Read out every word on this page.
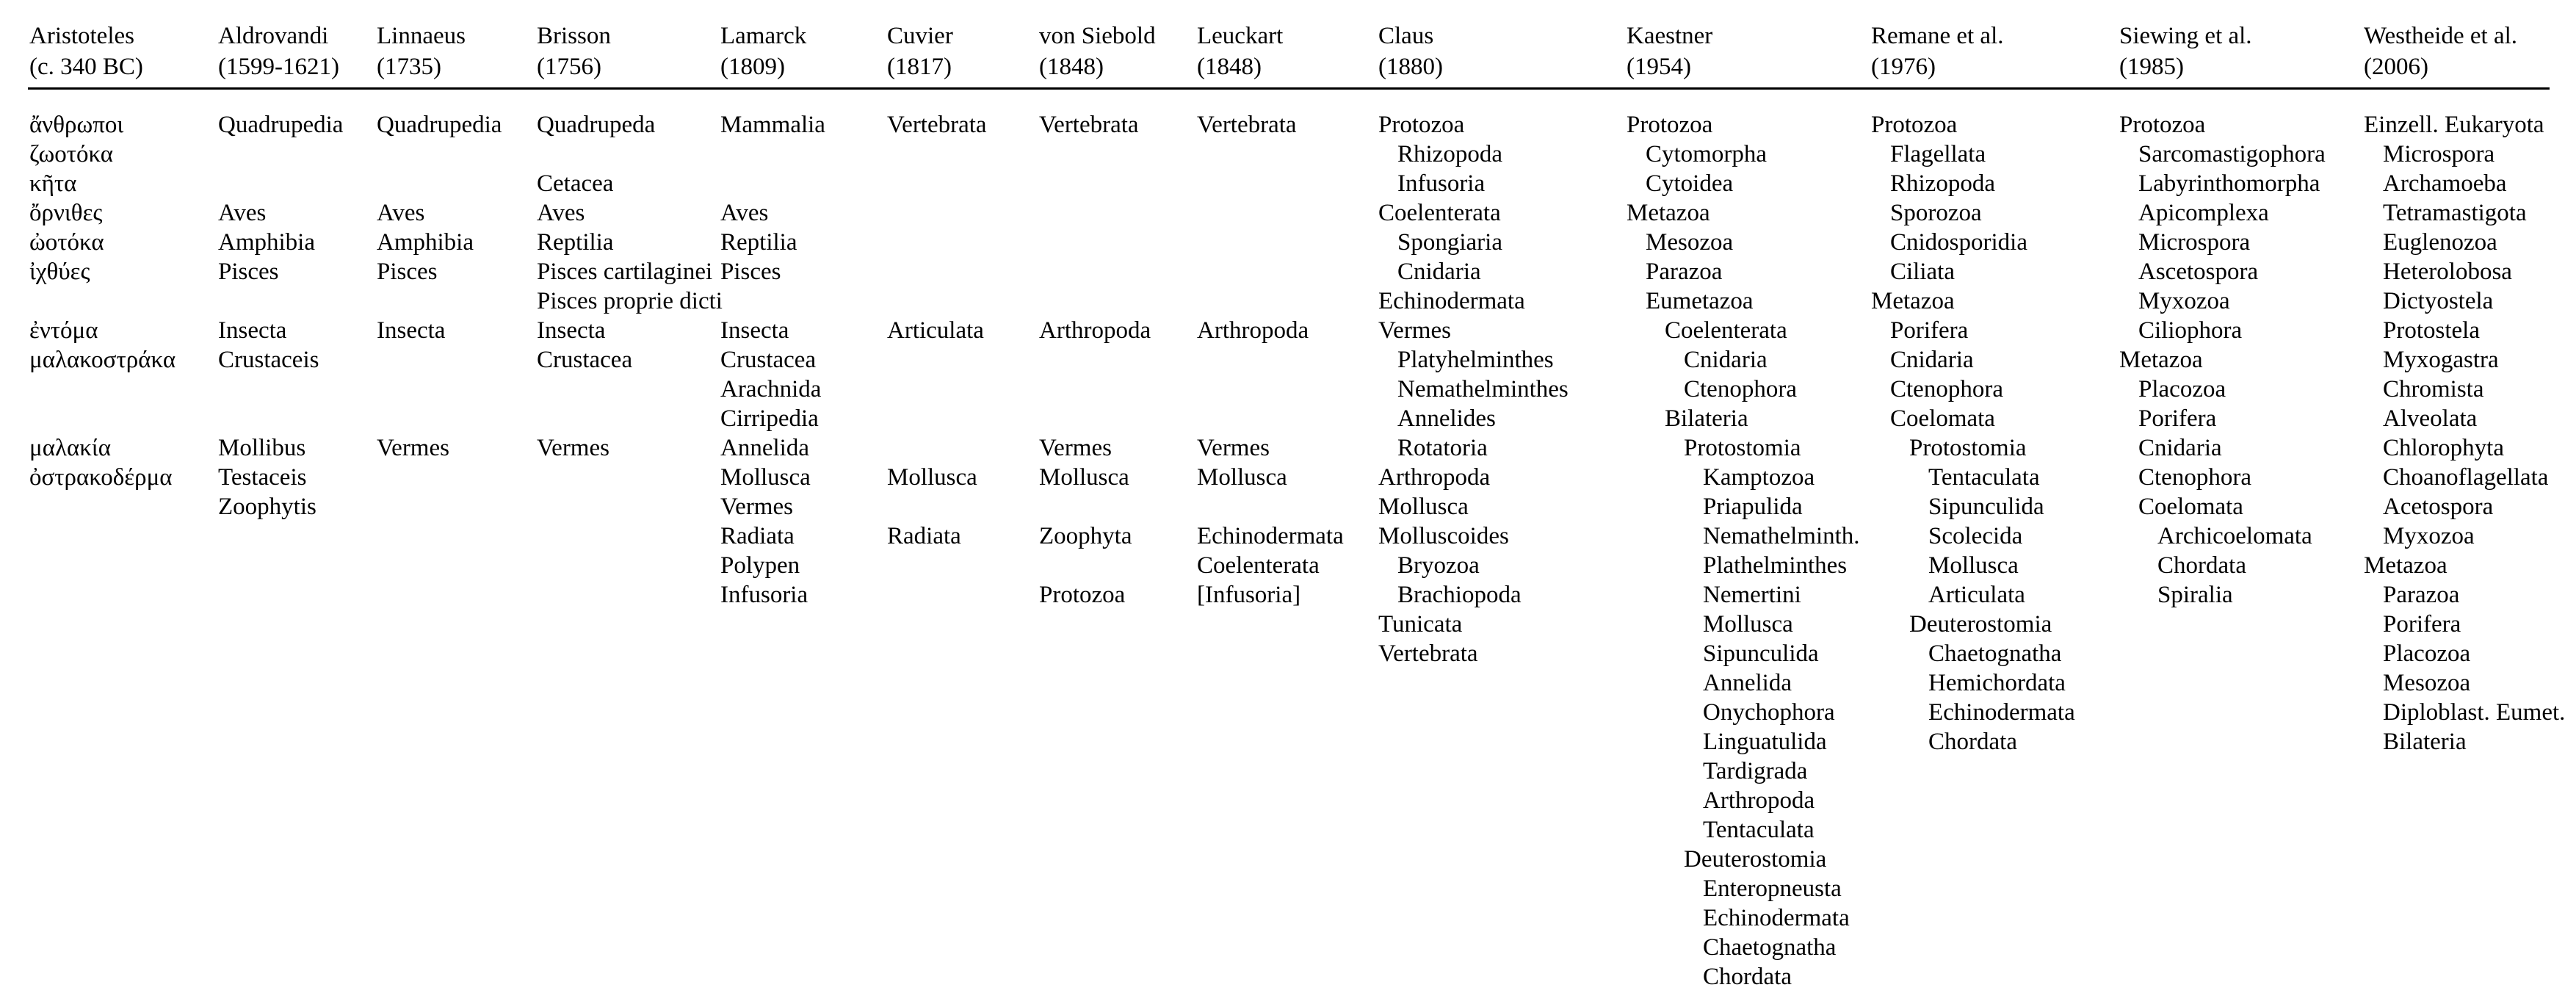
Aristoteles
(c. 340 BC)
ἄνθρωποι
ζωοτόκα
κῆτα
ὄρνιθες
ὠοτόκα
ἰχθύες
ἐντόμα
μαλακοστράκα
μαλακία
ὀστρακοδέρμα
Aldrovandi
(1599-1621)
Quadrupedia
Aves
Amphibia
Pisces
Insecta
Crustaceis
Mollibus
Testaceis
Zoophytis
Linnaeus
(1735)
Quadrupedia
Aves
Amphibia
Pisces
Insecta
Vermes
Brisson
(1756)
Quadrupeda
Cetacea
Aves
Reptilia
Pisces cartilaginei
Pisces proprie dicti
Insecta
Crustacea
Vermes
Lamarck
(1809)
Mammalia
Aves
Reptilia
Pisces
Insecta
Crustacea
Arachnida
Cirripedia
Annelida
Mollusca
Vermes
Radiata
Polypen
Infusoria
Cuvier
(1817)
Vertebrata
Articulata
Mollusca
Radiata
von Siebold
(1848)
Vertebrata
Arthropoda
Vermes
Mollusca
Zoophyta
Protozoa
Leuckart
(1848)
Vertebrata
Arthropoda
Vermes
Mollusca
Echinodermata
Coelenterata
[Infusoria]
Claus
(1880)
Protozoa
Rhizopoda
Infusoria
Coelenterata
Spongiaria
Cnidaria
Echinodermata
Vermes
Platyhelminthes
Nemathelminthes
Annelides
Rotatoria
Arthropoda
Mollusca
Molluscoides
Bryozoa
Brachiopoda
Tunicata
Vertebrata
Kaestner
(1954)
Protozoa
Cytomorpha
Cytoidea
Metazoa
Mesozoa
Parazoa
Eumetazoa
Coelenterata
Cnidaria
Ctenophora
Bilateria
Protostomia
Kamptozoa
Priapulida
Nemathelminth.
Plathelminthes
Nemertini
Mollusca
Sipunculida
Annelida
Onychophora
Linguatulida
Tardigrada
Arthropoda
Tentaculata
Deuterostomia
Enteropneusta
Echinodermata
Chaetognatha
Chordata
Remane et al.
(1976)
Protozoa
Flagellata
Rhizopoda
Sporozoa
Cnidosporidia
Ciliata
Metazoa
Porifera
Cnidaria
Ctenophora
Coelomata
Protostomia
Tentaculata
Sipunculida
Scolecida
Mollusca
Articulata
Deuterostomia
Chaetognatha
Hemichordata
Echinodermata
Chordata
Siewing et al.
(1985)
Protozoa
Sarcomastigophora
Labyrinthomorpha
Apicomplexa
Microspora
Ascetospora
Myxozoa
Ciliophora
Metazoa
Placozoa
Porifera
Cnidaria
Ctenophora
Coelomata
Archicoelomata
Chordata
Spiralia
Westheide et al.
(2006)
Einzell. Eukaryota
Microspora
Archamoeba
Tetramastigota
Euglenozoa
Heterolobosa
Dictyostela
Protostela
Myxogastra
Chromista
Alveolata
Chlorophyta
Choanoflagellata
Acetospora
Myxozoa
Metazoa
Parazoa
Porifera
Placozoa
Mesozoa
Diploblast. Eumet.
Bilateria
